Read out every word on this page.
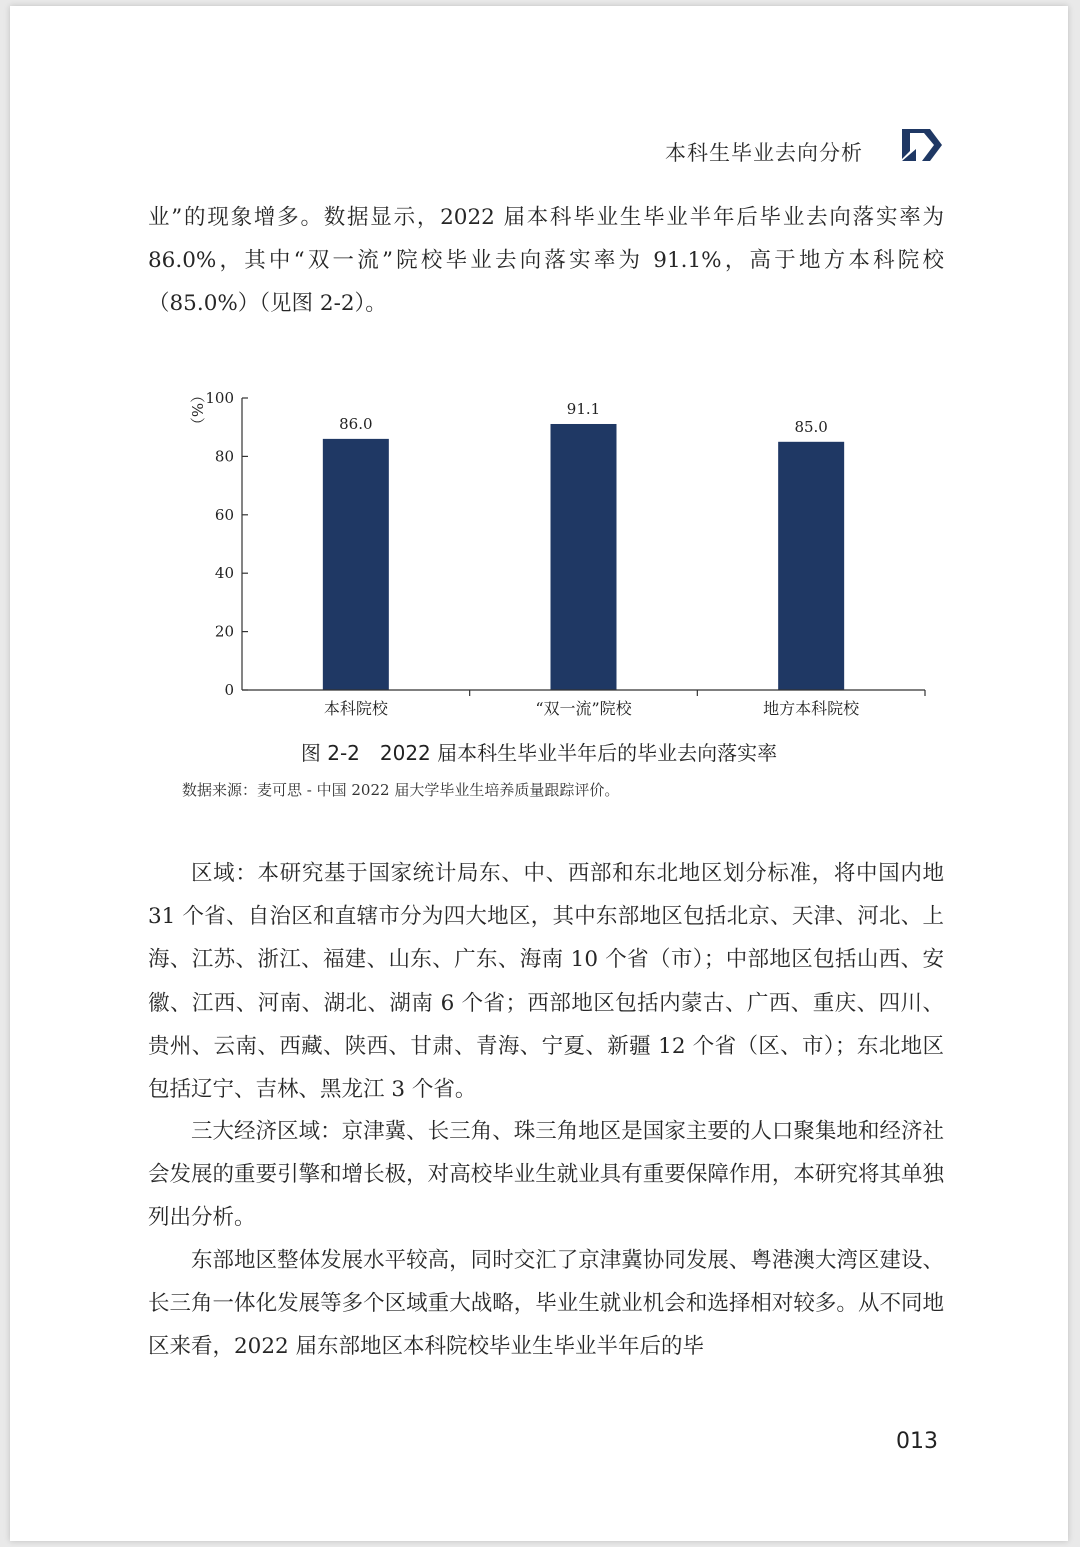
本科生毕业去向分析

业”的现象增多。数据显示，2022 届本科毕业生毕业半年后毕业去向落实率为 86.0%，其中“双一流”院校毕业去向落实率为 91.1%，高于地方本科院校（85.0%）（见图 2-2）。

（%）
0
20
40
60
80
100
86.0
91.1
85.0
本科院校	“双一流”院校	地方本科院校
图 2-2　2022 届本科生毕业半年后的毕业去向落实率
数据来源：麦可思 - 中国 2022 届大学毕业生培养质量跟踪评价。

区域：本研究基于国家统计局东、中、西部和东北地区划分标准，将中国内地 31 个省、自治区和直辖市分为四大地区，其中东部地区包括北京、天津、河北、上海、江苏、浙江、福建、山东、广东、海南 10 个省（市）；中部地区包括山西、安徽、江西、河南、湖北、湖南 6 个省；西部地区包括内蒙古、广西、重庆、四川、贵州、云南、西藏、陕西、甘肃、青海、宁夏、新疆 12 个省（区、市）；东北地区包括辽宁、吉林、黑龙江 3 个省。

三大经济区域：京津冀、长三角、珠三角地区是国家主要的人口聚集地和经济社会发展的重要引擎和增长极，对高校毕业生就业具有重要保障作用，本研究将其单独列出分析。

东部地区整体发展水平较高，同时交汇了京津冀协同发展、粤港澳大湾区建设、长三角一体化发展等多个区域重大战略，毕业生就业机会和选择相对较多。从不同地区来看，2022 届东部地区本科院校毕业生毕业半年后的毕

013
